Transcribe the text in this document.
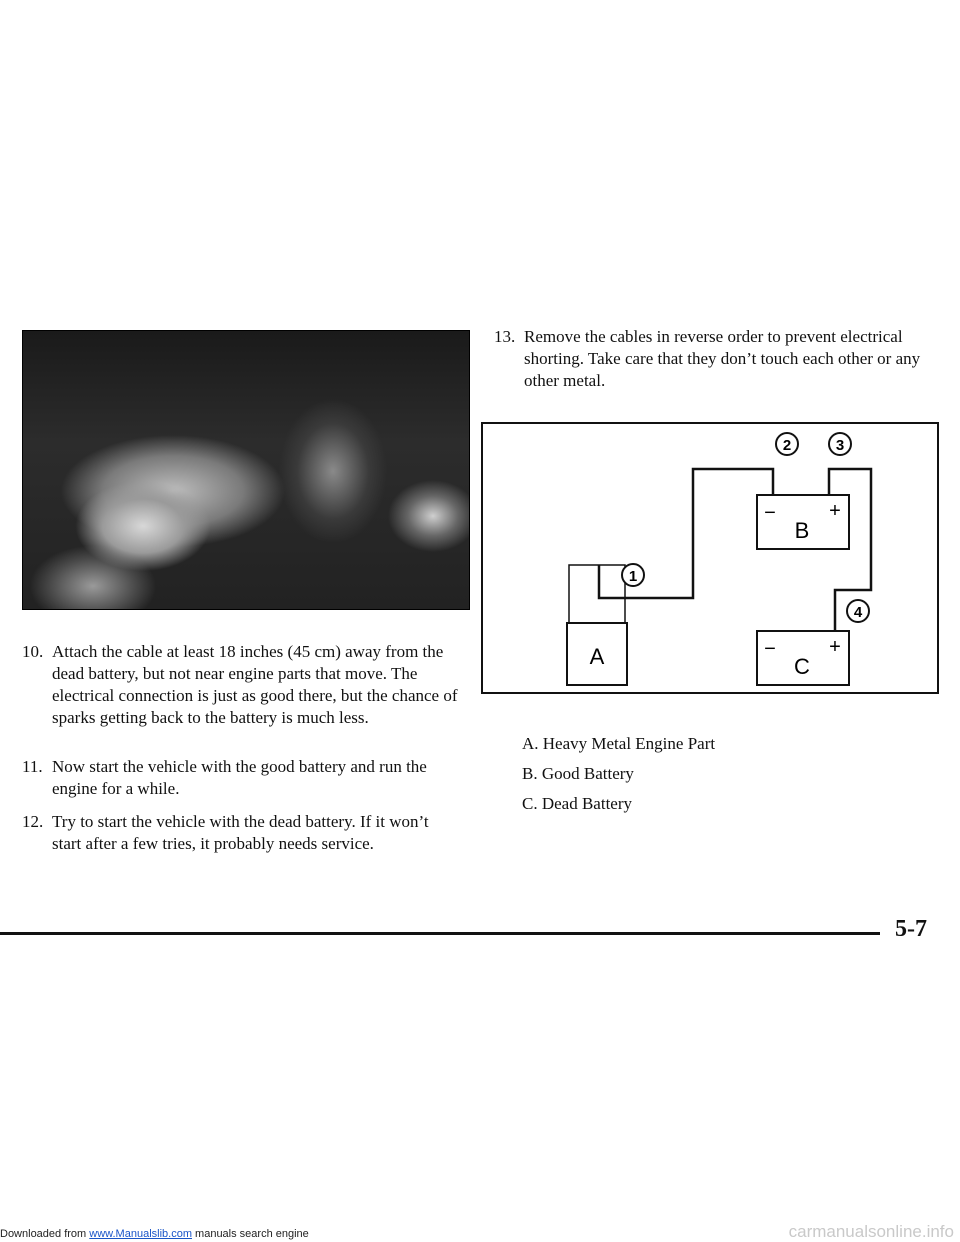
10. Attach the cable at least 18 inches (45 cm) away from the dead battery, but not near engine parts that move. The electrical connection is just as good there, but the chance of sparks getting back to the battery is much less.
11. Now start the vehicle with the good battery and run the engine for a while.
12. Try to start the vehicle with the dead battery. If it won’t start after a few tries, it probably needs service.
13. Remove the cables in reverse order to prevent electrical shorting. Take care that they don’t touch each other or any other metal.
B
−	+
C
−	+
A
1
2	3
4
A. Heavy Metal Engine Part
B. Good Battery
C. Dead Battery
5-7
Downloaded from www.Manualslib.com manuals search engine	carmanualsonline.info
